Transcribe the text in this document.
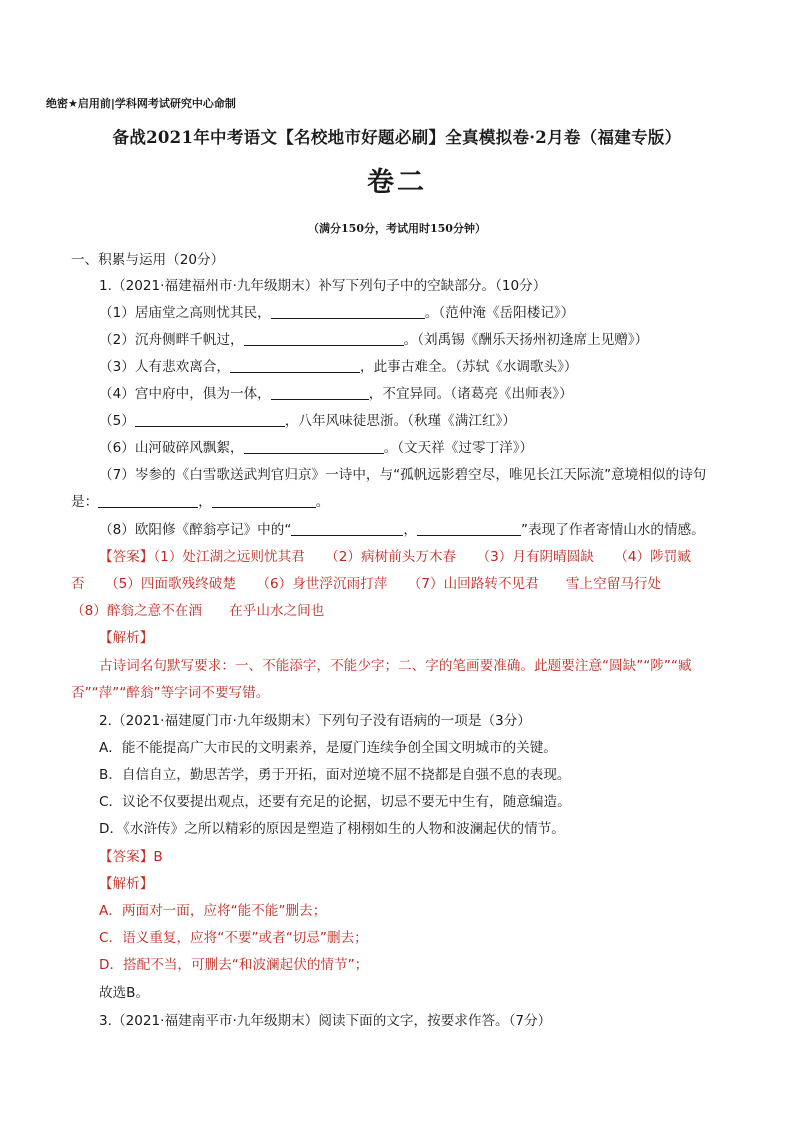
绝密★启用前|学科网考试研究中心命制
备战2021年中考语文【名校地市好题必刷】全真模拟卷·2月卷（福建专版）
卷二
（满分150分，考试用时150分钟）
一、积累与运用（20分）
1.（2021·福建福州市·九年级期末）补写下列句子中的空缺部分。（10分）
（1）居庙堂之高则忧其民，	。（范仲淹《岳阳楼记》）
（2）沉舟侧畔千帆过，	。（刘禹锡《酬乐天扬州初逢席上见赠》）
（3）人有悲欢离合，	，此事古难全。（苏轼《水调歌头》）
（4）宫中府中，俱为一体，	，不宜异同。（诸葛亮《出师表》）
（5）	，八年风味徒思浙。（秋瑾《满江红》）
（6）山河破碎风飘絮，	。（文天祥《过零丁洋》）
（7）岑参的《白雪歌送武判官归京》一诗中，与“孤帆远影碧空尽，唯见长江天际流”意境相似的诗句
是：	，	。
（8）欧阳修《醉翁亭记》中的“	，	”表现了作者寄情山水的情感。
【答案】（1）处江湖之远则忧其君　　（2）病树前头万木春　　（3）月有阴晴圆缺　　（4）陟罚臧
否　　（5）四面歌残终破楚　　（6）身世浮沉雨打萍　　（7）山回路转不见君　　雪上空留马行处
（8）醉翁之意不在酒　　在乎山水之间也
【解析】
古诗词名句默写要求：一、不能添字，不能少字；二、字的笔画要准确。此题要注意“圆缺”“陟”“臧
否”“萍”“醉翁”等字词不要写错。
2.（2021·福建厦门市·九年级期末）下列句子没有语病的一项是（3分）
A．能不能提高广大市民的文明素养，是厦门连续争创全国文明城市的关键。
B．自信自立，勤思苦学，勇于开拓，面对逆境不屈不挠都是自强不息的表现。
C．议论不仅要提出观点，还要有充足的论据，切忌不要无中生有，随意编造。
D．《水浒传》之所以精彩的原因是塑造了栩栩如生的人物和波澜起伏的情节。
【答案】B
【解析】
A．两面对一面，应将“能不能”删去；
C．语义重复，应将“不要”或者“切忌”删去；
D．搭配不当，可删去“和波澜起伏的情节”；
故选B。
3.（2021·福建南平市·九年级期末）阅读下面的文字，按要求作答。（7分）
